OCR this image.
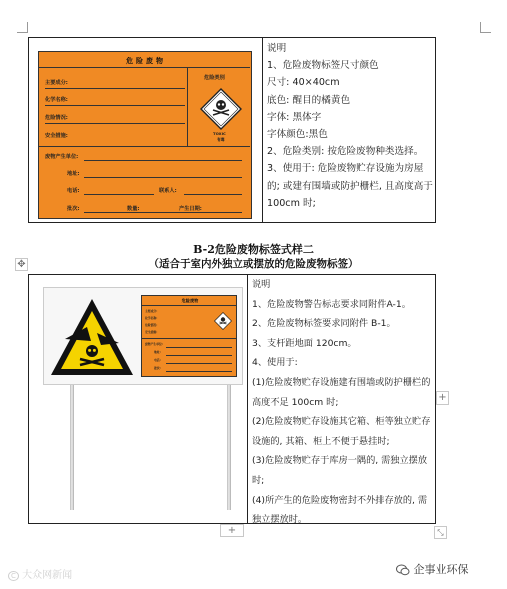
危险废物
危险类别
TOXIC
有毒
主要成分:
化学名称:
危险情况:
安全措施:
废物产生单位:
地址:
电话:	联系人:
批次:	数量:	产生日期:
说明
1、危险废物标签尺寸颜色
尺寸: 40×40cm
底色: 醒目的橘黄色
字体: 黑体字
字体颜色:黑色
2、危险类别: 按危险废物种类选择。
3、使用于: 危险废物贮存设施为房屋的; 或建有围墙或防护栅栏, 且高度高于 100cm 时;
B-2危险废物标签式样二
（适合于室内外独立或摆放的危险废物标签）
✥
危险废物
主要成分:
化学名称:
危险情况:
安全措施:
废物产生单位:
地址:
电话:
批次:
说明
1、危险废物警告标志要求同附件A-1。
2、危险废物标签要求同附件 B-1。
3、支杆距地面 120cm。
4、使用于:
(1)危险废物贮存设施建有围墙或防护栅栏的高度不足 100cm 时;
(2)危险废物贮存设施其它箱、柜等独立贮存设施的, 其箱、柜上不便于悬挂时;
(3)危险废物贮存于库房一隅的, 需独立摆放时;
(4)所产生的危险废物密封不外排存放的, 需独立摆放时。
+
+	⤡
C 大众网新闻	企事业环保
